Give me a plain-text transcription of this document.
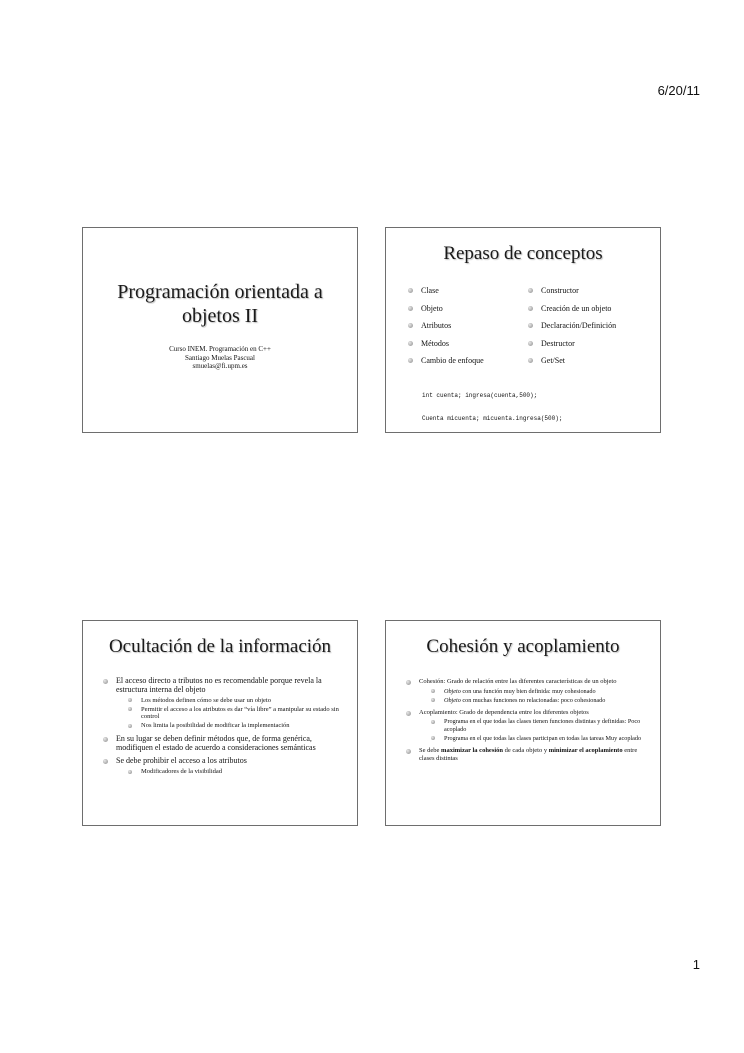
6/20/11
Programación orientada a
objetos II
Curso INEM. Programación en C++
Santiago Muelas Pascual
smuelas@fi.upm.es
Repaso de conceptos
Clase
Objeto
Atributos
Métodos
Cambio de enfoque
Constructor
Creación de un objeto
Declaración/Definición
Destructor
Get/Set

int cuenta; ingresa(cuenta,500);

Cuenta micuenta; micuenta.ingresa(500);

Ocultación de la información
El acceso directo a tributos no es recomendable porque revela la estructura interna del objeto
Los métodos definen cómo se debe usar un objeto
Permitir el acceso a los atributos es dar “vía libre” a manipular su estado sin control
Nos limita la posibilidad de modificar la implementación
En su lugar se deben definir métodos que, de forma genérica, modifiquen el estado de acuerdo a consideraciones semánticas
Se debe prohibir el acceso a los atributos
Modificadores de la visibilidad
Cohesión y acoplamiento
Cohesión: Grado de relación entre las diferentes características de un objeto
Objeto con una función muy bien definida: muy cohesionado
Objeto con muchas funciones no relacionadas: poco cohesionado
Acoplamiento: Grado de dependencia entre los diferentes objetos
Programa en el que todas las clases tienen funciones distintas y definidas: Poco acoplado
Programa en el que todas las clases participan en todas las tareas Muy acoplado
Se debe maximizar la cohesión de cada objeto y minimizar el acoplamiento entre clases distintas
1
